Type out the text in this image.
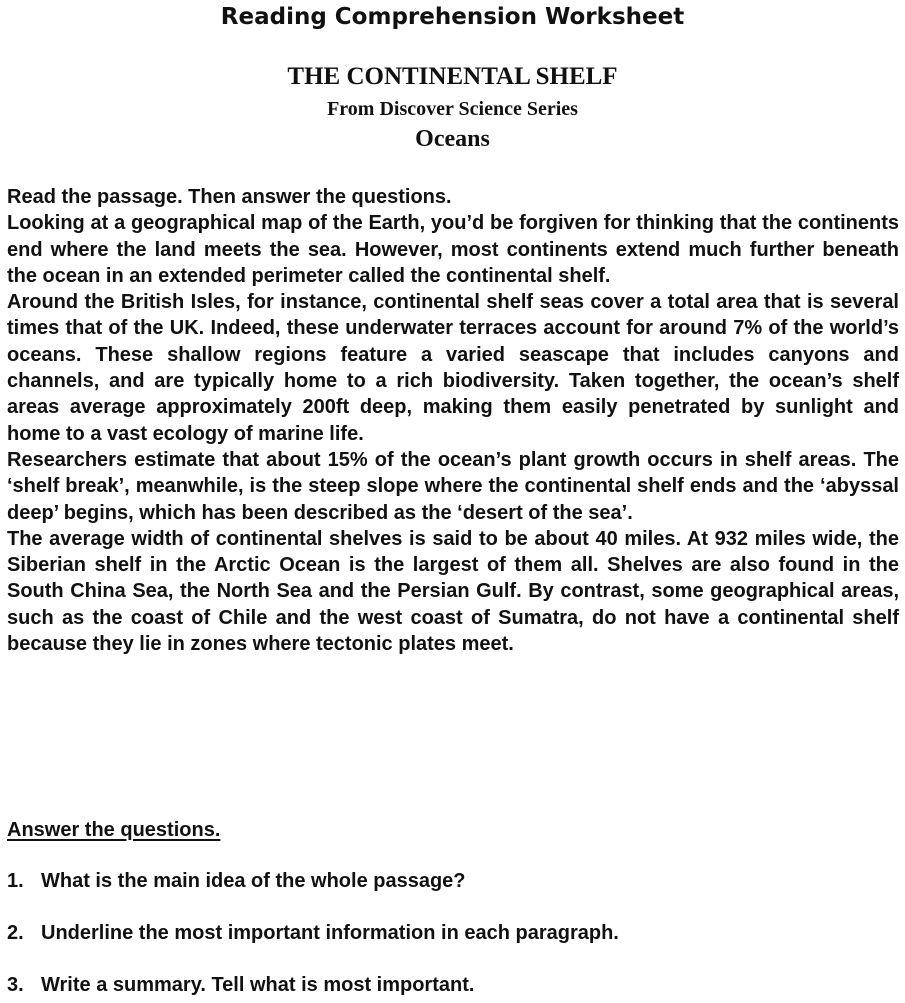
Reading Comprehension Worksheet
THE CONTINENTAL SHELF
From Discover Science Series
Oceans

Read the passage. Then answer the questions.

Looking at a geographical map of the Earth, you’d be forgiven for thinking that the continents end where the land meets the sea. However, most continents extend much further beneath the ocean in an extended perimeter called the continental shelf.

Around the British Isles, for instance, continental shelf seas cover a total area that is several times that of the UK. Indeed, these underwater terraces account for around 7% of the world’s oceans. These shallow regions feature a varied seascape that includes canyons and channels, and are typically home to a rich biodiversity. Taken together, the ocean’s shelf areas average approximately 200ft deep, making them easily penetrated by sunlight and home to a vast ecology of marine life.

Researchers estimate that about 15% of the ocean’s plant growth occurs in shelf areas. The ‘shelf break’, meanwhile, is the steep slope where the continental shelf ends and the ‘abyssal deep’ begins, which has been described as the ‘desert of the sea’.

The average width of continental shelves is said to be about 40 miles. At 932 miles wide, the Siberian shelf in the Arctic Ocean is the largest of them all. Shelves are also found in the South China Sea, the North Sea and the Persian Gulf. By contrast, some geographical areas, such as the coast of Chile and the west coast of Sumatra, do not have a continental shelf because they lie in zones where tectonic plates meet.

Answer the questions.
1. What is the main idea of the whole passage?
2. Underline the most important information in each paragraph.
3. Write a summary. Tell what is most important.
